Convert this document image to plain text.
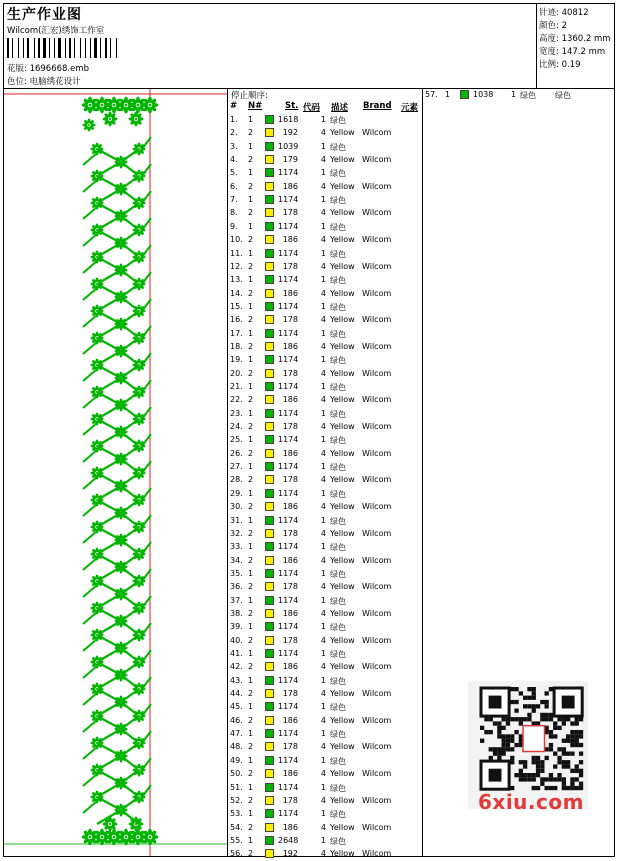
生产作业图
Wilcom(汇宏)绣饰工作室
花版: 1696668.emb
色位: 电脑绣花设计
针迹: 40812
颜色: 2
高度: 1360.2 mm
宽度: 147.2 mm
比例: 0.19
停止顺序:
# N#	St. 代码 描述 Brand 元素
1. 1	1618	1 绿色
2. 2	192	4 Yellow Wilcom
3. 1	1039	1 绿色
4. 2	179	4 Yellow Wilcom
5. 1	1174	1 绿色
6. 2	186	4 Yellow Wilcom
7. 1	1174	1 绿色
8. 2	178	4 Yellow Wilcom
9. 1	1174	1 绿色
10. 2	186	4 Yellow Wilcom
11. 1	1174	1 绿色
12. 2	178	4 Yellow Wilcom
13. 1	1174	1 绿色
14. 2	186	4 Yellow Wilcom
15. 1	1174	1 绿色
16. 2	178	4 Yellow Wilcom
17. 1	1174	1 绿色
18. 2	186	4 Yellow Wilcom
19. 1	1174	1 绿色
20. 2	178	4 Yellow Wilcom
21. 1	1174	1 绿色
22. 2	186	4 Yellow Wilcom
23. 1	1174	1 绿色
24. 2	178	4 Yellow Wilcom
25. 1	1174	1 绿色
26. 2	186	4 Yellow Wilcom
27. 1	1174	1 绿色
28. 2	178	4 Yellow Wilcom
29. 1	1174	1 绿色
30. 2	186	4 Yellow Wilcom
31. 1	1174	1 绿色
32. 2	178	4 Yellow Wilcom
33. 1	1174	1 绿色
34. 2	186	4 Yellow Wilcom
35. 1	1174	1 绿色
36. 2	178	4 Yellow Wilcom
37. 1	1174	1 绿色
38. 2	186	4 Yellow Wilcom
39. 1	1174	1 绿色
40. 2	178	4 Yellow Wilcom
41. 1	1174	1 绿色
42. 2	186	4 Yellow Wilcom
43. 1	1174	1 绿色
44. 2	178	4 Yellow Wilcom
45. 1	1174	1 绿色
46. 2	186	4 Yellow Wilcom
47. 1	1174	1 绿色
48. 2	178	4 Yellow Wilcom
49. 1	1174	1 绿色
50. 2	186	4 Yellow Wilcom
51. 1	1174	1 绿色
52. 2	178	4 Yellow Wilcom
53. 1	1174	1 绿色
54. 2	186	4 Yellow Wilcom
55. 1	2648	1 绿色
56. 2	192	4 Yellow Wilcom
57. 1	1038 1 绿色 绿色
6xiu.com
